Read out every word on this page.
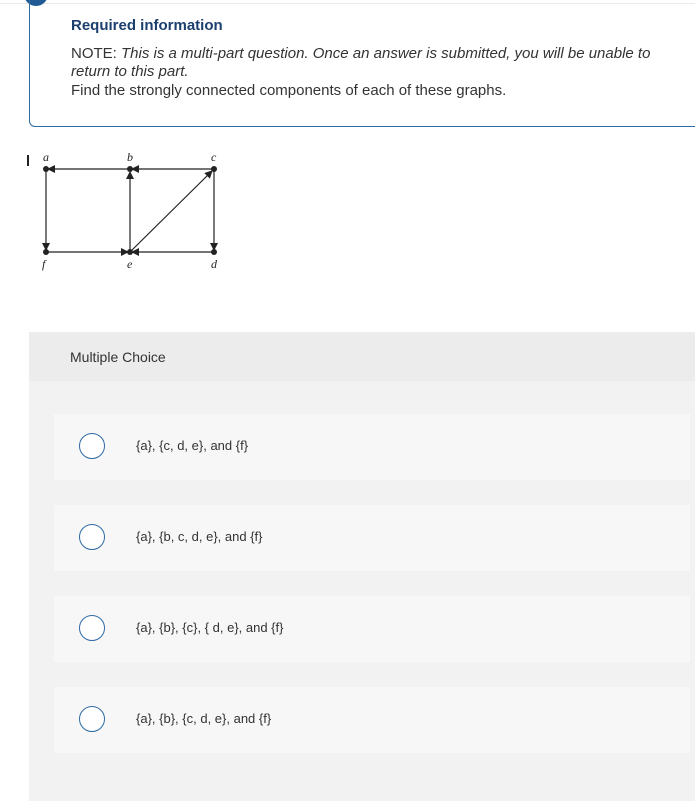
Required information
NOTE: This is a multi-part question. Once an answer is submitted, you will be unable to return to this part.
Find the strongly connected components of each of these graphs.
a	b	c
f	e	d
Multiple Choice
{a}, {c, d, e}, and {f}
{a}, {b, c, d, e}, and {f}
{a}, {b}, {c}, { d, e}, and {f}
{a}, {b}, {c, d, e}, and {f}
